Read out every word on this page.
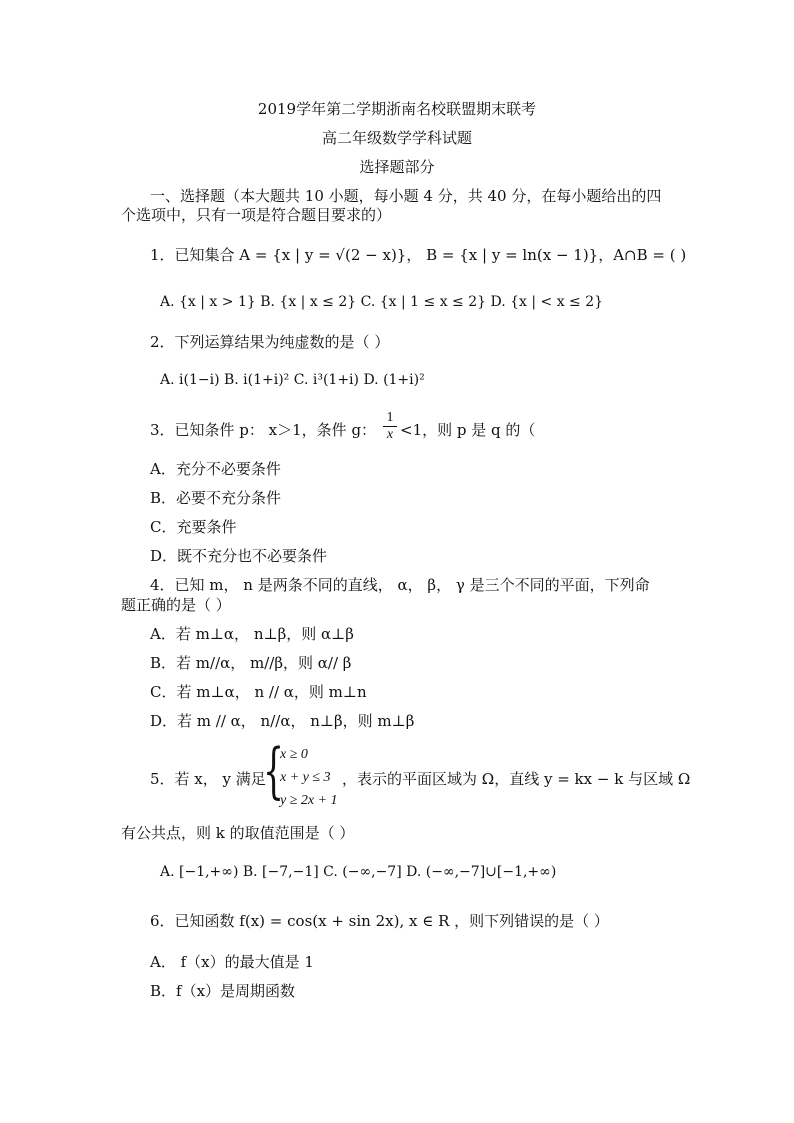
2019学年第二学期浙南名校联盟期末联考
高二年级数学学科试题
选择题部分
一、选择题（本大题共 10 小题，每小题 4 分，共 40 分，在每小题给出的四
个选项中，只有一项是符合题目要求的）
1．已知集合 A = {x | y = √(2 − x)}， B = {x | y = ln(x − 1)}，A∩B = ( )
A. {x | x > 1} B. {x | x ≤ 2} C. {x | 1 ≤ x ≤ 2} D. {x | < x ≤ 2}
2．下列运算结果为纯虚数的是（ ）
A. i(1−i) B. i(1+i)² C. i³(1+i) D. (1+i)²
3．已知条件 p： x＞1，条件 g：
1
x <1，则 p 是 q 的（
A．充分不必要条件
B．必要不充分条件
C．充要条件
D．既不充分也不必要条件
4．已知 m， n 是两条不同的直线， α， β， γ 是三个不同的平面，下列命
题正确的是（ ）
A．若 m⊥α， n⊥β，则 α⊥β
B．若 m//α， m//β，则 α// β
C．若 m⊥α， n // α，则 m⊥n
D．若 m // α， n//α， n⊥β，则 m⊥β
5．若 x， y 满足
{
x ≥ 0
x + y ≤ 3
y ≥ 2x + 1
，表示的平面区域为 Ω，直线 y = kx − k 与区域 Ω
有公共点，则 k 的取值范围是（ ）
A. [−1,+∞) B. [−7,−1] C. (−∞,−7] D. (−∞,−7]∪[−1,+∞)
6．已知函数 f(x) = cos(x + sin 2x), x ∈ R ，则下列错误的是（ ）
A． f（x）的最大值是 1
B．f（x）是周期函数
